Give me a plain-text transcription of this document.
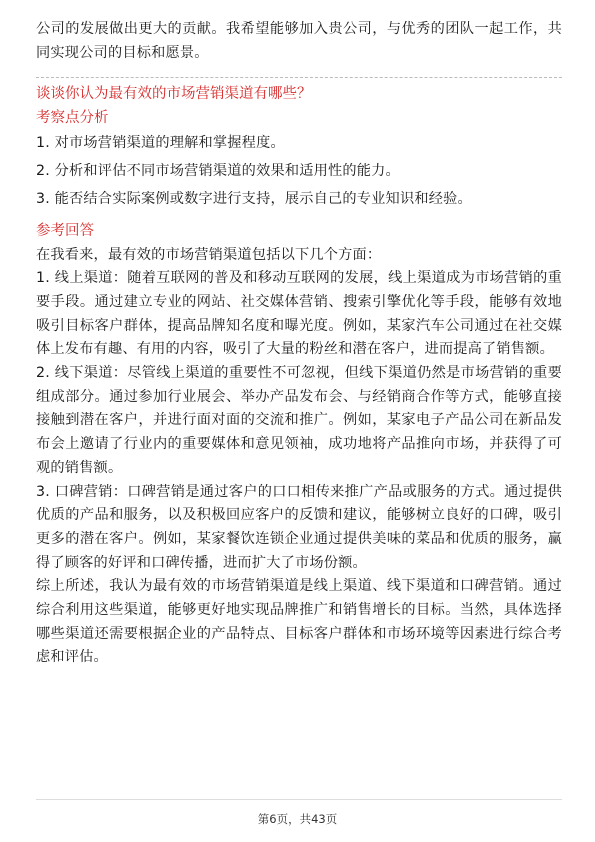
公司的发展做出更大的贡献。我希望能够加入贵公司，与优秀的团队一起工作，共同实现公司的目标和愿景。

谈谈你认为最有效的市场营销渠道有哪些？

考察点分析

1. 对市场营销渠道的理解和掌握程度。

2. 分析和评估不同市场营销渠道的效果和适用性的能力。

3. 能否结合实际案例或数字进行支持，展示自己的专业知识和经验。

参考回答

在我看来，最有效的市场营销渠道包括以下几个方面：

1. 线上渠道：随着互联网的普及和移动互联网的发展，线上渠道成为市场营销的重要手段。通过建立专业的网站、社交媒体营销、搜索引擎优化等手段，能够有效地吸引目标客户群体，提高品牌知名度和曝光度。例如，某家汽车公司通过在社交媒体上发布有趣、有用的内容，吸引了大量的粉丝和潜在客户，进而提高了销售额。

2. 线下渠道：尽管线上渠道的重要性不可忽视，但线下渠道仍然是市场营销的重要组成部分。通过参加行业展会、举办产品发布会、与经销商合作等方式，能够直接接触到潜在客户，并进行面对面的交流和推广。例如，某家电子产品公司在新品发布会上邀请了行业内的重要媒体和意见领袖，成功地将产品推向市场，并获得了可观的销售额。

3. 口碑营销：口碑营销是通过客户的口口相传来推广产品或服务的方式。通过提供优质的产品和服务，以及积极回应客户的反馈和建议，能够树立良好的口碑，吸引更多的潜在客户。例如，某家餐饮连锁企业通过提供美味的菜品和优质的服务，赢得了顾客的好评和口碑传播，进而扩大了市场份额。

综上所述，我认为最有效的市场营销渠道是线上渠道、线下渠道和口碑营销。通过综合利用这些渠道，能够更好地实现品牌推广和销售增长的目标。当然，具体选择哪些渠道还需要根据企业的产品特点、目标客户群体和市场环境等因素进行综合考虑和评估。

第6页，共43页
